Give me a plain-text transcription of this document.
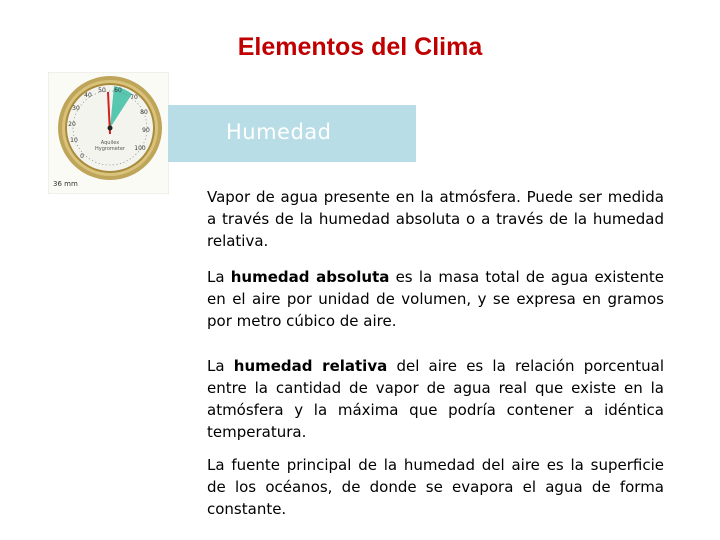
Elementos del Clima
0
10
20
30
40
50 60
70
80
90
100
Aquilex
Hygrometer
36 mm
Humedad

Vapor de agua presente en la atmósfera. Puede ser medida a través de la humedad absoluta o a través de la humedad relativa.

La humedad absoluta es la masa total de agua existente en el aire por unidad de volumen, y se expresa en gramos por metro cúbico de aire.

La humedad relativa del aire es la relación porcentual entre la cantidad de vapor de agua real que existe en la atmósfera y la máxima que podría contener a idéntica temperatura.

La fuente principal de la humedad del aire es la superficie de los océanos, de donde se evapora el agua de forma constante.
